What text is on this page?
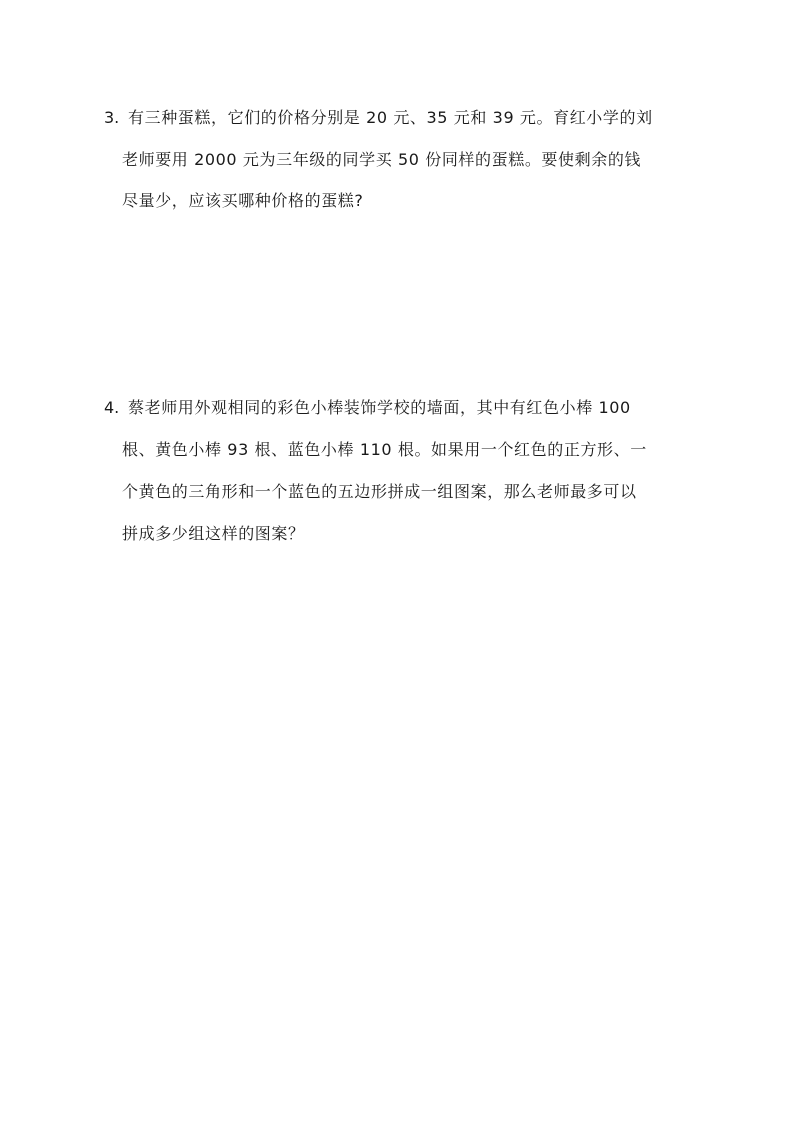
3. 有三种蛋糕，它们的价格分别是 20 元、35 元和 39 元。育红小学的刘
老师要用 2000 元为三年级的同学买 50 份同样的蛋糕。要使剩余的钱
尽量少，应该买哪种价格的蛋糕?
4. 蔡老师用外观相同的彩色小棒装饰学校的墙面，其中有红色小棒 100
根、黄色小棒 93 根、蓝色小棒 110 根。如果用一个红色的正方形、一
个黄色的三角形和一个蓝色的五边形拼成一组图案，那么老师最多可以
拼成多少组这样的图案？
